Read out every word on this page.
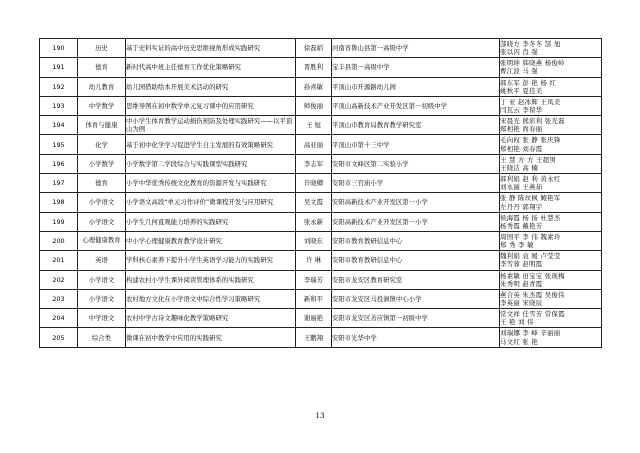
190	历史	基于史料实证的高中历史思维视角形成实践研究	徐磊娟	河南省鲁山县第一高级中学	郜晓方 李冬冬 郜 旭
张以闪 肖 强

191	德育	新时代高中班主任德育工作优化策略研究	晋胜利	宝丰县第一高级中学	张明坤 韩晓燕 杨俊岭
曹江波 马 强

192	幼儿教育	幼儿园借助绘本开展美术活动的研究	孙喜敏	平顶山市开源路幼儿园	郝东军 彭 艳 杨 红
姚秋平 夏佳美

193	中学数学	思维导图在初中数学单元复习课中的应用研究	师俊丽	平顶山高新技术产业开发区第一初级中学	丁 亚 赵冰辉 王凤美
闫瓦云 李留华

194	体育与健康	中小学生体育教学运动损伤预防及处理实践研究——以平顶山为例	王 旭	平顶山市教育局教育教学研究室	宋晨光 熊彩利 张光磊
郑相艳 尚春丽

195	化学	基于初中化学学习促进学生自主发展的有效策略研究	高亚丽	平顶山市第十三中学	毛向权 张 静 张庆锋
郑相艳 刘春霞

196	小学数学	小学数学第二学段综合与实践课型实践研究	李志军	安阳市文峰区第二实验小学	王 慧 方 方 王超男
王晓洁 高 楠

197	德育	小学中华优秀传统文化教育的资源开发与实践研究	许晓卿	安阳市三官庙小学	郝利娟 赵 利 黄永红
刘永丽 王燕茹

198	小学语文	小学语文高段“单元习作评价”微课程开发与应用研究	吴文霞	安阳高新技术产业开发区第一小学	张 静 陈丝枫 鲍艳军
左丹丹 郭翔宇

199	小学语文	小学生几何直观能力培养的实践研究	张永新	安阳高新技术产业开发区第一小学	侯海霞 杨 扬 杜慧杰
杨秀霞 戴艳芳

200	心理健康教育	中小学心理健康教育教学设计研究	刘晓东	安阳市教育教研信息中心	周国平 李 伟 魏素玲
郑 秀 李 敏

201	英语	学科核心素养下提升小学生英语学习能力的实践研究	许 琳	安阳市教育教研信息中心	魏利娟 袁 媛 卢莹莹
李雪蓉 赵明霞

202	小学语文	构建农村小学生课外阅读管理体系的实践研究	李瑞芳	安阳市龙安区教育研究室	杨素敏 田宝宝 张现梅
朱秀明 赵青霞

203	小学语文	农村地方文化在小学语文中综合性学习策略研究	新和平	安阳市龙安区马投涧镇中心小学	燕合英 朱杰霞 吴俊伟
李英丽 宋晓辰

204	中学语文	农村中学古诗文趣味化教学策略研究	谢丽艳	安阳市龙安区善应镇第一初级中学	常文祥 任雪芳 常保霞
王 艳 刘 伟

205	综合类	微课在初中教学中应用的实践研究	王鹏翔	安阳市光华中学	刘瑞娜 李 峰 辛丽丽
马文红 张 艳
13
